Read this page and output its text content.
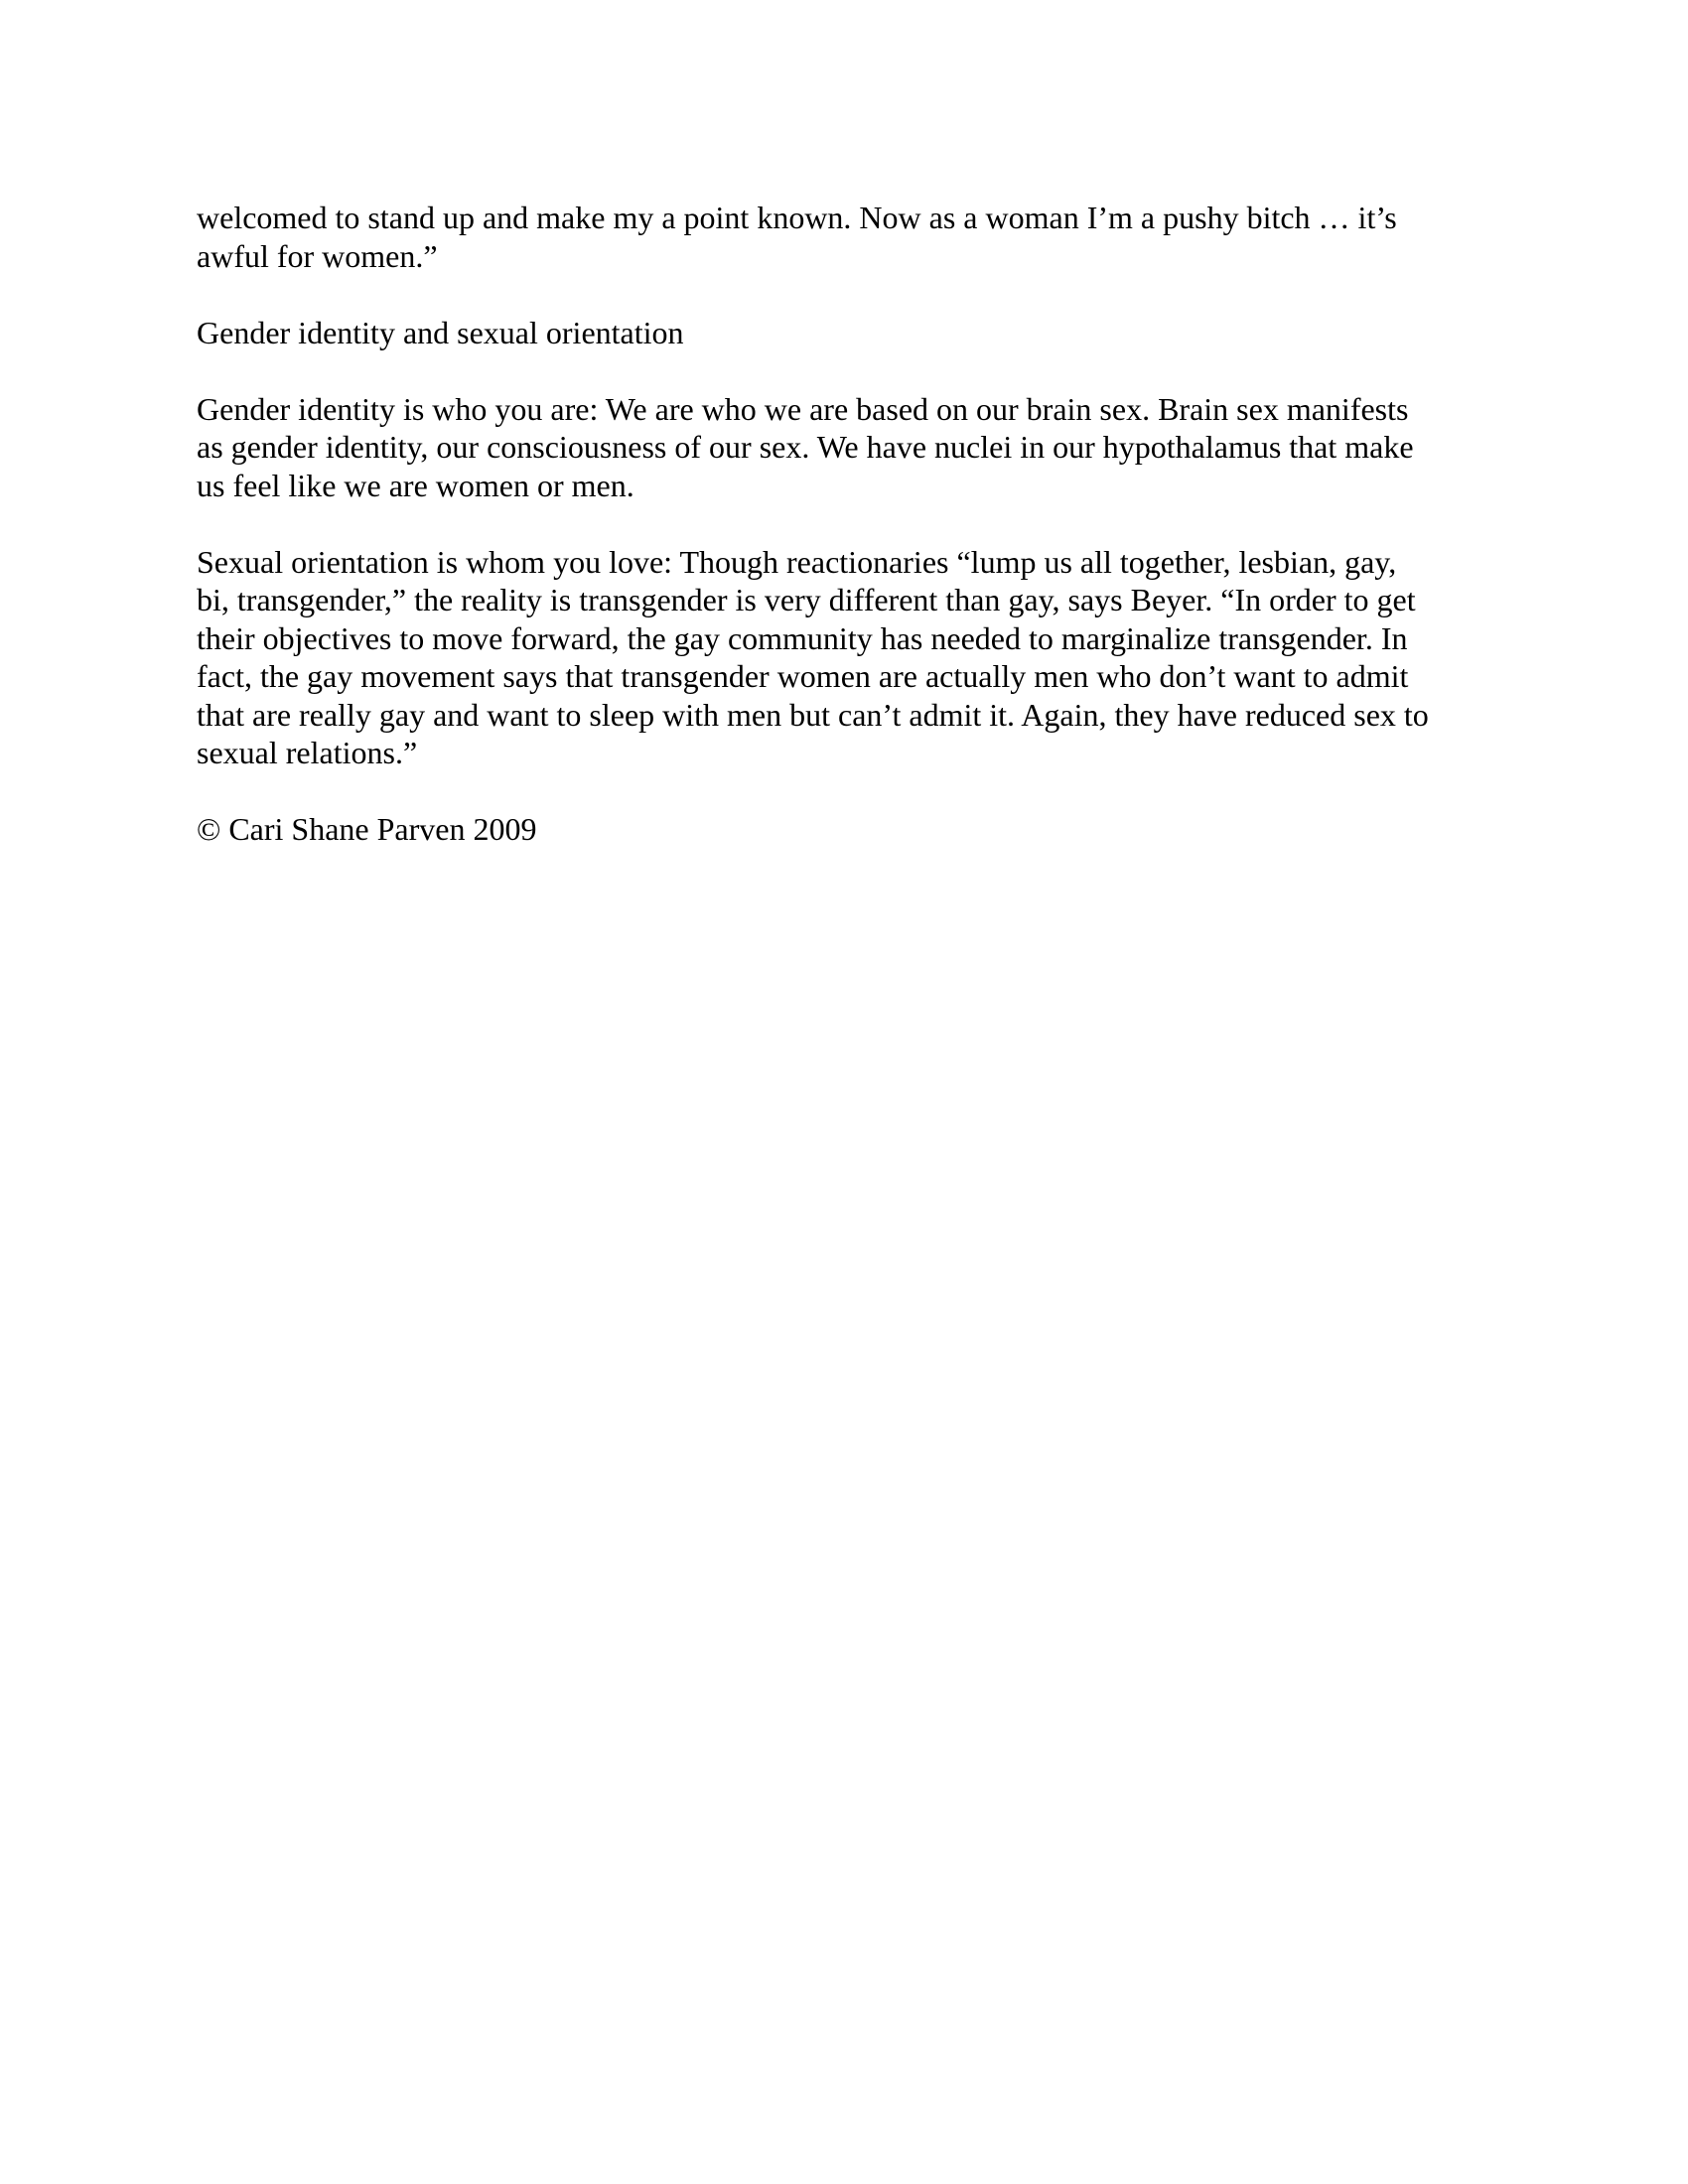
welcomed to stand up and make my a point known. Now as a woman I’m a pushy bitch … it’s
awful for women.”

Gender identity and sexual orientation

Gender identity is who you are: We are who we are based on our brain sex. Brain sex manifests
as gender identity, our consciousness of our sex. We have nuclei in our hypothalamus that make
us feel like we are women or men.

Sexual orientation is whom you love: Though reactionaries “lump us all together, lesbian, gay,
bi, transgender,” the reality is transgender is very different than gay, says Beyer. “In order to get
their objectives to move forward, the gay community has needed to marginalize transgender. In
fact, the gay movement says that transgender women are actually men who don’t want to admit
that are really gay and want to sleep with men but can’t admit it. Again, they have reduced sex to
sexual relations.”

© Cari Shane Parven 2009
